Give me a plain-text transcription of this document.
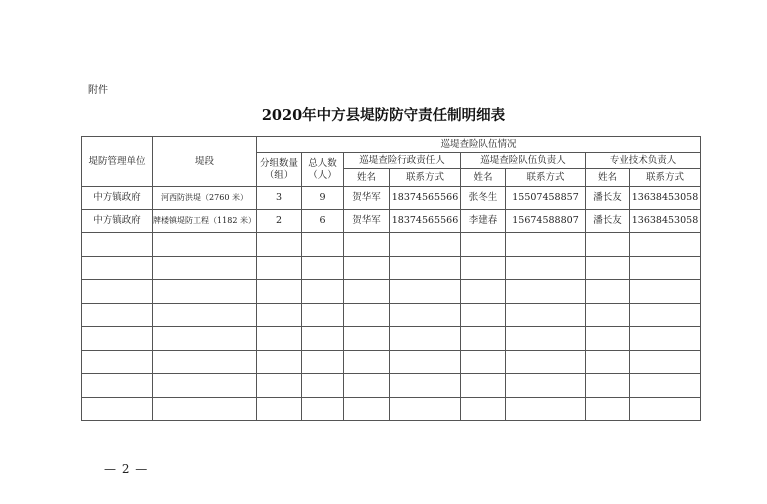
附件
2020年中方县堤防防守责任制明细表
堤防管理单位	堤段	巡堤查险队伍情况							
		分组数量（组）	总人数（人）	巡堤查险行政责任人		巡堤查险队伍负责人		专业技术负责人	
				姓名	联系方式	姓名	联系方式	姓名	联系方式
中方镇政府	河西防洪堤（2760 米）	3	9	贺华军	18374565566	张冬生	15507458857	潘长友	13638453058
中方镇政府	牌楼镇堤防工程（1182 米）	2	6	贺华军	18374565566	李建春	15674588807	潘长友	13638453058

— 2 —
